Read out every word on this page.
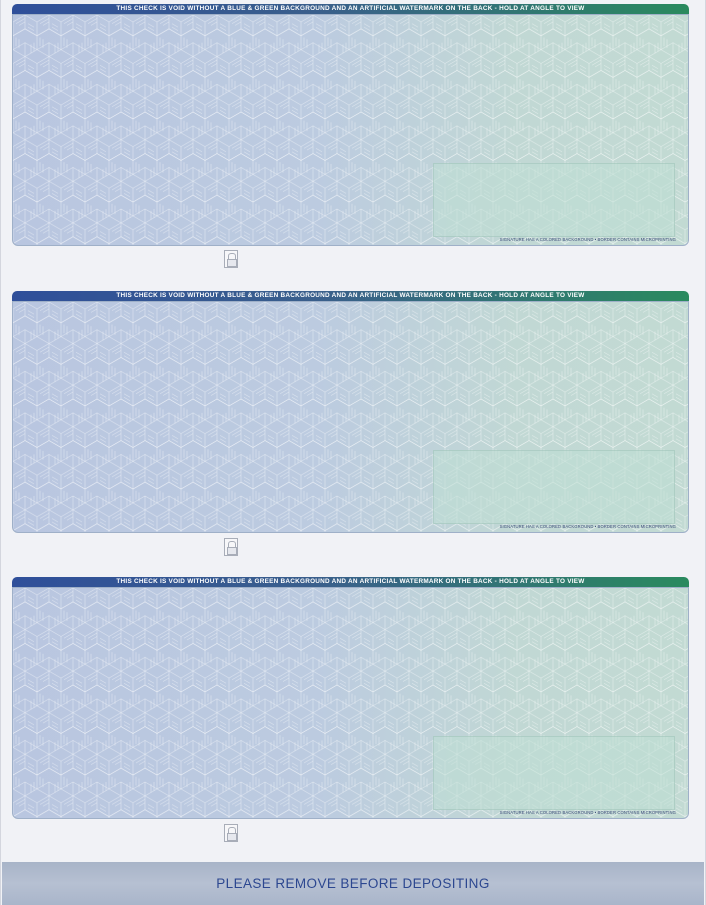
THIS CHECK IS VOID WITHOUT A BLUE & GREEN BACKGROUND AND AN ARTIFICIAL WATERMARK ON THE BACK - HOLD AT ANGLE TO VIEW
SIGNATURE HAS A COLORED BACKGROUND • BORDER CONTAINS MICROPRINTING
THIS CHECK IS VOID WITHOUT A BLUE & GREEN BACKGROUND AND AN ARTIFICIAL WATERMARK ON THE BACK - HOLD AT ANGLE TO VIEW
SIGNATURE HAS A COLORED BACKGROUND • BORDER CONTAINS MICROPRINTING
THIS CHECK IS VOID WITHOUT A BLUE & GREEN BACKGROUND AND AN ARTIFICIAL WATERMARK ON THE BACK - HOLD AT ANGLE TO VIEW
SIGNATURE HAS A COLORED BACKGROUND • BORDER CONTAINS MICROPRINTING
PLEASE REMOVE BEFORE DEPOSITING
